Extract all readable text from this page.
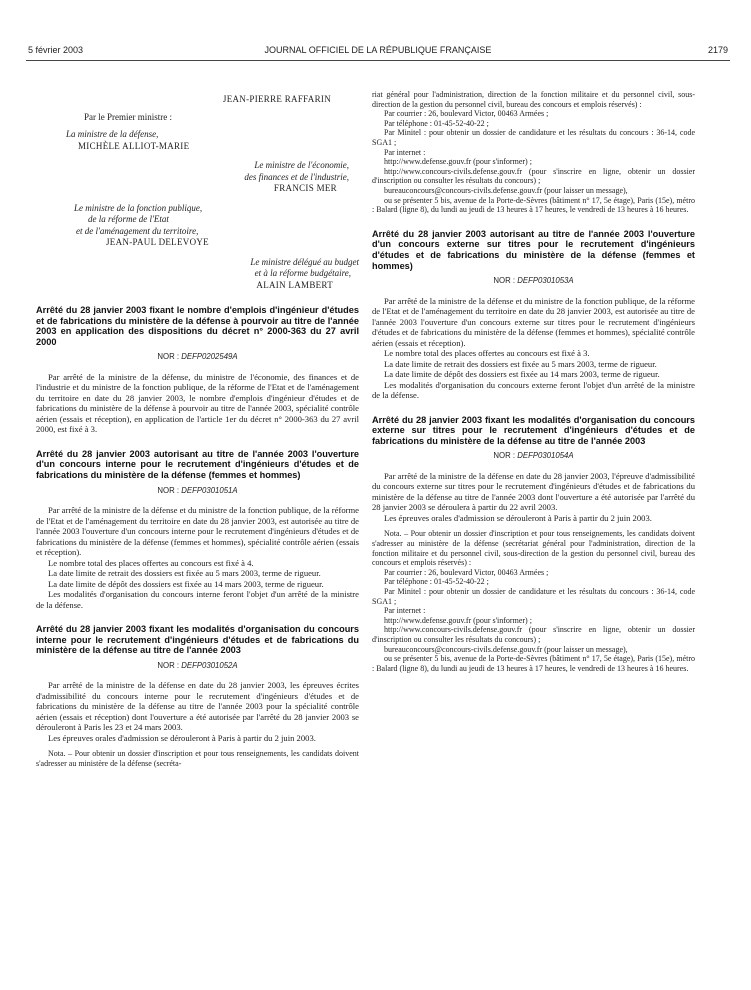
5 février 2003	JOURNAL OFFICIEL DE LA RÉPUBLIQUE FRANÇAISE	2179
JEAN-PIERRE RAFFARIN
Par le Premier ministre :
La ministre de la défense,
MICHÈLE ALLIOT-MARIE
Le ministre de l'économie,
des finances et de l'industrie,
FRANCIS MER
Le ministre de la fonction publique,
de la réforme de l'Etat
et de l'aménagement du territoire,
JEAN-PAUL DELEVOYE
Le ministre délégué au budget
et à la réforme budgétaire,
ALAIN LAMBERT
Arrêté du 28 janvier 2003 fixant le nombre d'emplois d'ingénieur d'études et de fabrications du ministère de la défense à pourvoir au titre de l'année 2003 en application des dispositions du décret n° 2000-363 du 27 avril 2000
NOR : DEFP0202549A

Par arrêté de la ministre de la défense, du ministre de l'économie, des finances et de l'industrie et du ministre de la fonction publique, de la réforme de l'Etat et de l'aménagement du territoire en date du 28 janvier 2003, le nombre d'emplois d'ingénieur d'études et de fabrications du ministère de la défense à pourvoir au titre de l'année 2003, spécialité contrôle aérien (essais et réception), en application de l'article 1er du décret n° 2000-363 du 27 avril 2000, est fixé à 3.

Arrêté du 28 janvier 2003 autorisant au titre de l'année 2003 l'ouverture d'un concours interne pour le recrutement d'ingénieurs d'études et de fabrications du ministère de la défense (femmes et hommes)
NOR : DEFP0301051A

Par arrêté de la ministre de la défense et du ministre de la fonction publique, de la réforme de l'Etat et de l'aménagement du territoire en date du 28 janvier 2003, est autorisée au titre de l'année 2003 l'ouverture d'un concours interne pour le recrutement d'ingénieurs d'études et de fabrications du ministère de la défense (femmes et hommes), spécialité contrôle aérien (essais et réception).

Le nombre total des places offertes au concours est fixé à 4.

La date limite de retrait des dossiers est fixée au 5 mars 2003, terme de rigueur.

La date limite de dépôt des dossiers est fixée au 14 mars 2003, terme de rigueur.

Les modalités d'organisation du concours interne feront l'objet d'un arrêté de la ministre de la défense.

Arrêté du 28 janvier 2003 fixant les modalités d'organisation du concours interne pour le recrutement d'ingénieurs d'études et de fabrications du ministère de la défense au titre de l'année 2003
NOR : DEFP0301052A

Par arrêté de la ministre de la défense en date du 28 janvier 2003, les épreuves écrites d'admissibilité du concours interne pour le recrutement d'ingénieurs d'études et de fabrications du ministère de la défense au titre de l'année 2003 pour la spécialité contrôle aérien (essais et réception) dont l'ouverture a été autorisée par l'arrêté du 28 janvier 2003 se dérouleront à Paris les 23 et 24 mars 2003.

Les épreuves orales d'admission se dérouleront à Paris à partir du 2 juin 2003.

Nota. – Pour obtenir un dossier d'inscription et pour tous renseignements, les candidats doivent s'adresser au ministère de la défense (secréta-

riat général pour l'administration, direction de la fonction militaire et du personnel civil, sous-direction de la gestion du personnel civil, bureau des concours et emplois réservés) :

Par courrier : 26, boulevard Victor, 00463 Armées ;

Par téléphone : 01-45-52-40-22 ;

Par Minitel : pour obtenir un dossier de candidature et les résultats du concours : 36-14, code SGA1 ;

Par internet :

http://www.defense.gouv.fr (pour s'informer) ;

http://www.concours-civils.defense.gouv.fr (pour s'inscrire en ligne, obtenir un dossier d'inscription ou consulter les résultats du concours) ;

bureauconcours@concours-civils.defense.gouv.fr (pour laisser un message),

ou se présenter 5 bis, avenue de la Porte-de-Sèvres (bâtiment n° 17, 5e étage), Paris (15e), métro : Balard (ligne 8), du lundi au jeudi de 13 heures à 17 heures, le vendredi de 13 heures à 16 heures.

Arrêté du 28 janvier 2003 autorisant au titre de l'année 2003 l'ouverture d'un concours externe sur titres pour le recrutement d'ingénieurs d'études et de fabrications du ministère de la défense (femmes et hommes)
NOR : DEFP0301053A

Par arrêté de la ministre de la défense et du ministre de la fonction publique, de la réforme de l'Etat et de l'aménagement du territoire en date du 28 janvier 2003, est autorisée au titre de l'année 2003 l'ouverture d'un concours externe sur titres pour le recrutement d'ingénieurs d'études et de fabrications du ministère de la défense (femmes et hommes), spécialité contrôle aérien (essais et réception).

Le nombre total des places offertes au concours est fixé à 3.

La date limite de retrait des dossiers est fixée au 5 mars 2003, terme de rigueur.

La date limite de dépôt des dossiers est fixée au 14 mars 2003, terme de rigueur.

Les modalités d'organisation du concours externe feront l'objet d'un arrêté de la ministre de la défense.

Arrêté du 28 janvier 2003 fixant les modalités d'organisation du concours externe sur titres pour le recrutement d'ingénieurs d'études et de fabrications du ministère de la défense au titre de l'année 2003
NOR : DEFP0301054A

Par arrêté de la ministre de la défense en date du 28 janvier 2003, l'épreuve d'admissibilité du concours externe sur titres pour le recrutement d'ingénieurs d'études et de fabrications du ministère de la défense au titre de l'année 2003 dont l'ouverture a été autorisée par l'arrêté du 28 janvier 2003 se déroulera à partir du 22 avril 2003.

Les épreuves orales d'admission se dérouleront à Paris à partir du 2 juin 2003.

Nota. – Pour obtenir un dossier d'inscription et pour tous renseignements, les candidats doivent s'adresser au ministère de la défense (secrétariat général pour l'administration, direction de la fonction militaire et du personnel civil, sous-direction de la gestion du personnel civil, bureau des concours et emplois réservés) :

Par courrier : 26, boulevard Victor, 00463 Armées ;

Par téléphone : 01-45-52-40-22 ;

Par Minitel : pour obtenir un dossier de candidature et les résultats du concours : 36-14, code SGA1 ;

Par internet :

http://www.defense.gouv.fr (pour s'informer) ;

http://www.concours-civils.defense.gouv.fr (pour s'inscrire en ligne, obtenir un dossier d'inscription ou consulter les résultats du concours) ;

bureauconcours@concours-civils.defense.gouv.fr (pour laisser un message),

ou se présenter 5 bis, avenue de la Porte-de-Sèvres (bâtiment n° 17, 5e étage), Paris (15e), métro : Balard (ligne 8), du lundi au jeudi de 13 heures à 17 heures, le vendredi de 13 heures à 16 heures.
